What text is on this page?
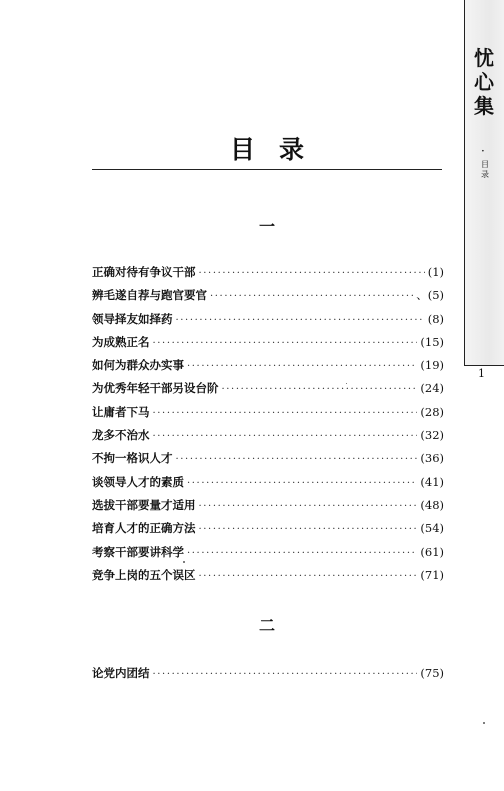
忧
心
集
·
目
录
1
目录
一
正确对待有争议干部 ·····	(1)
辨毛遂自荐与跑官要官 ·····	、(5)
领导择友如择药 ·····	(8)
为成熟正名 ·····	(15)
如何为群众办实事 ·····	(19)
为优秀年轻干部另设台阶 ·····	(24)
让庸者下马 ·····	(28)
龙多不治水 ·····	(32)
不拘一格识人才 ·····	(36)
谈领导人才的素质 ·····	(41)
选拔干部要量才适用 ·····	(48)
培育人才的正确方法 ·····	(54)
考察干部要讲科学 ·····	(61)
竞争上岗的五个误区 ·····	(71)
二
论党内团结 ·····	(75)
